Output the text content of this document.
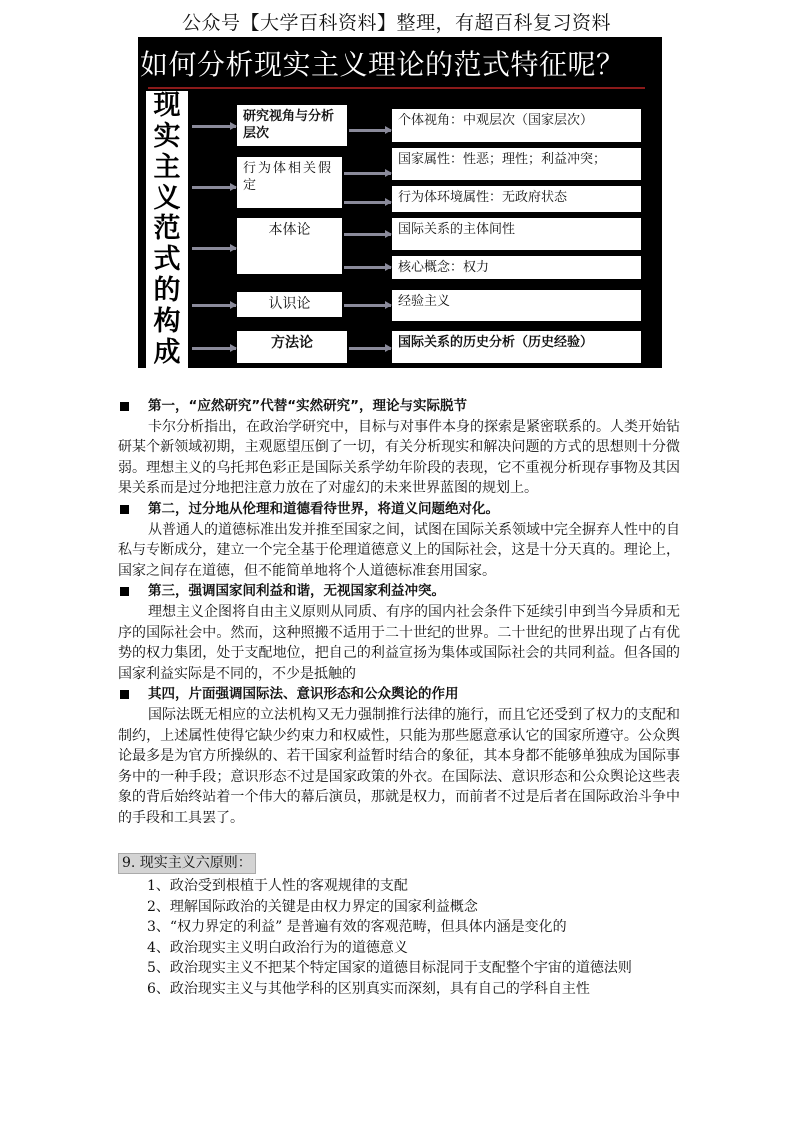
公众号【大学百科资料】整理，有超百科复习资料
如何分析现实主义理论的范式特征呢？
现
实
主
义
范
式
的
构
成
研究视角与分析层次
行为体相关假定
本体论
认识论
方法论
个体视角：中观层次（国家层次）
国家属性：性恶；理性；利益冲突；
行为体环境属性：无政府状态
国际关系的主体间性
核心概念：权力
经验主义
国际关系的历史分析（历史经验）
第一，“应然研究”代替“实然研究”，理论与实际脱节
卡尔分析指出，在政治学研究中，目标与对事件本身的探索是紧密联系的。人类开始钻
研某个新领域初期，主观愿望压倒了一切，有关分析现实和解决问题的方式的思想则十分微
弱。理想主义的乌托邦色彩正是国际关系学幼年阶段的表现，它不重视分析现存事物及其因
果关系而是过分地把注意力放在了对虚幻的未来世界蓝图的规划上。
第二，过分地从伦理和道德看待世界，将道义问题绝对化。
从普通人的道德标准出发并推至国家之间，试图在国际关系领域中完全摒弃人性中的自
私与专断成分，建立一个完全基于伦理道德意义上的国际社会，这是十分天真的。理论上，
国家之间存在道德，但不能简单地将个人道德标准套用国家。
第三，强调国家间利益和谐，无视国家利益冲突。
理想主义企图将自由主义原则从同质、有序的国内社会条件下延续引申到当今异质和无
序的国际社会中。然而，这种照搬不适用于二十世纪的世界。二十世纪的世界出现了占有优
势的权力集团，处于支配地位，把自己的利益宣扬为集体或国际社会的共同利益。但各国的
国家利益实际是不同的，不少是抵触的
其四，片面强调国际法、意识形态和公众舆论的作用
国际法既无相应的立法机构又无力强制推行法律的施行，而且它还受到了权力的支配和
制约，上述属性使得它缺少约束力和权威性，只能为那些愿意承认它的国家所遵守。公众舆
论最多是为官方所操纵的、若干国家利益暂时结合的象征，其本身都不能够单独成为国际事
务中的一种手段；意识形态不过是国家政策的外衣。在国际法、意识形态和公众舆论这些表
象的背后始终站着一个伟大的幕后演员，那就是权力，而前者不过是后者在国际政治斗争中
的手段和工具罢了。
9. 现实主义六原则：
1、政治受到根植于人性的客观规律的支配
2、理解国际政治的关键是由权力界定的国家利益概念
3、“权力界定的利益” 是普遍有效的客观范畴，但具体内涵是变化的
4、政治现实主义明白政治行为的道德意义
5、政治现实主义不把某个特定国家的道德目标混同于支配整个宇宙的道德法则
6、政治现实主义与其他学科的区别真实而深刻，具有自己的学科自主性
